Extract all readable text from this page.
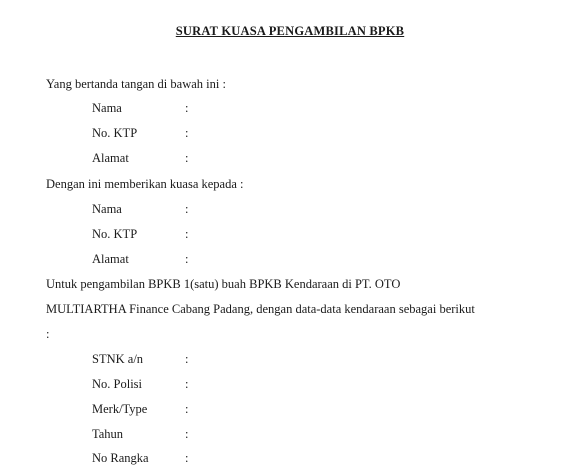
SURAT KUASA PENGAMBILAN BPKB
Yang bertanda tangan di bawah ini :
Nama	:
No. KTP	:
Alamat	:
Dengan ini memberikan kuasa kepada :
Nama	:
No. KTP	:
Alamat	:
Untuk pengambilan BPKB 1(satu) buah BPKB Kendaraan di PT. OTO
MULTIARTHA Finance Cabang Padang, dengan data-data kendaraan sebagai berikut
:
STNK a/n	:
No. Polisi	:
Merk/Type	:
Tahun	:
No Rangka	:
